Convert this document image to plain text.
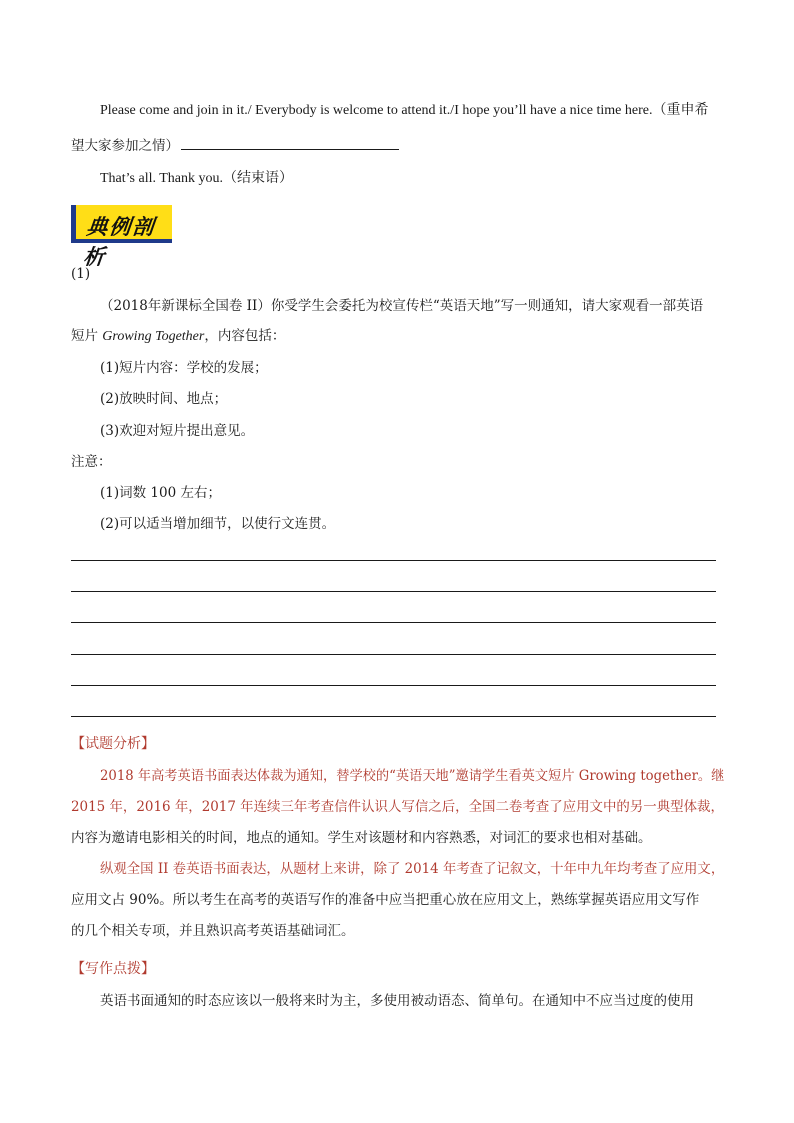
Please come and join in it./ Everybody is welcome to attend it./I hope you’ll have a nice time here.（重申希
望大家参加之情）
That’s all. Thank you.（结束语）
典例剖析
(1)
（2018年新课标全国卷 II）你受学生会委托为校宣传栏“英语天地”写一则通知，请大家观看一部英语
短片 Growing Together，内容包括：
(1)短片内容：学校的发展；
(2)放映时间、地点；
(3)欢迎对短片提出意见。
注意：
(1)词数 100 左右；
(2)可以适当增加细节，以使行文连贯。
【试题分析】
2018 年高考英语书面表达体裁为通知，替学校的“英语天地”邀请学生看英文短片 Growing together。继
2015 年，2016 年，2017 年连续三年考查信件认识人写信之后，全国二卷考查了应用文中的另一典型体裁，
内容为邀请电影相关的时间，地点的通知。学生对该题材和内容熟悉，对词汇的要求也相对基础。
纵观全国 II 卷英语书面表达，从题材上来讲，除了 2014 年考查了记叙文，十年中九年均考查了应用文，
应用文占 90%。所以考生在高考的英语写作的准备中应当把重心放在应用文上，熟练掌握英语应用文写作
的几个相关专项，并且熟识高考英语基础词汇。
【写作点拨】
英语书面通知的时态应该以一般将来时为主，多使用被动语态、简单句。在通知中不应当过度的使用
